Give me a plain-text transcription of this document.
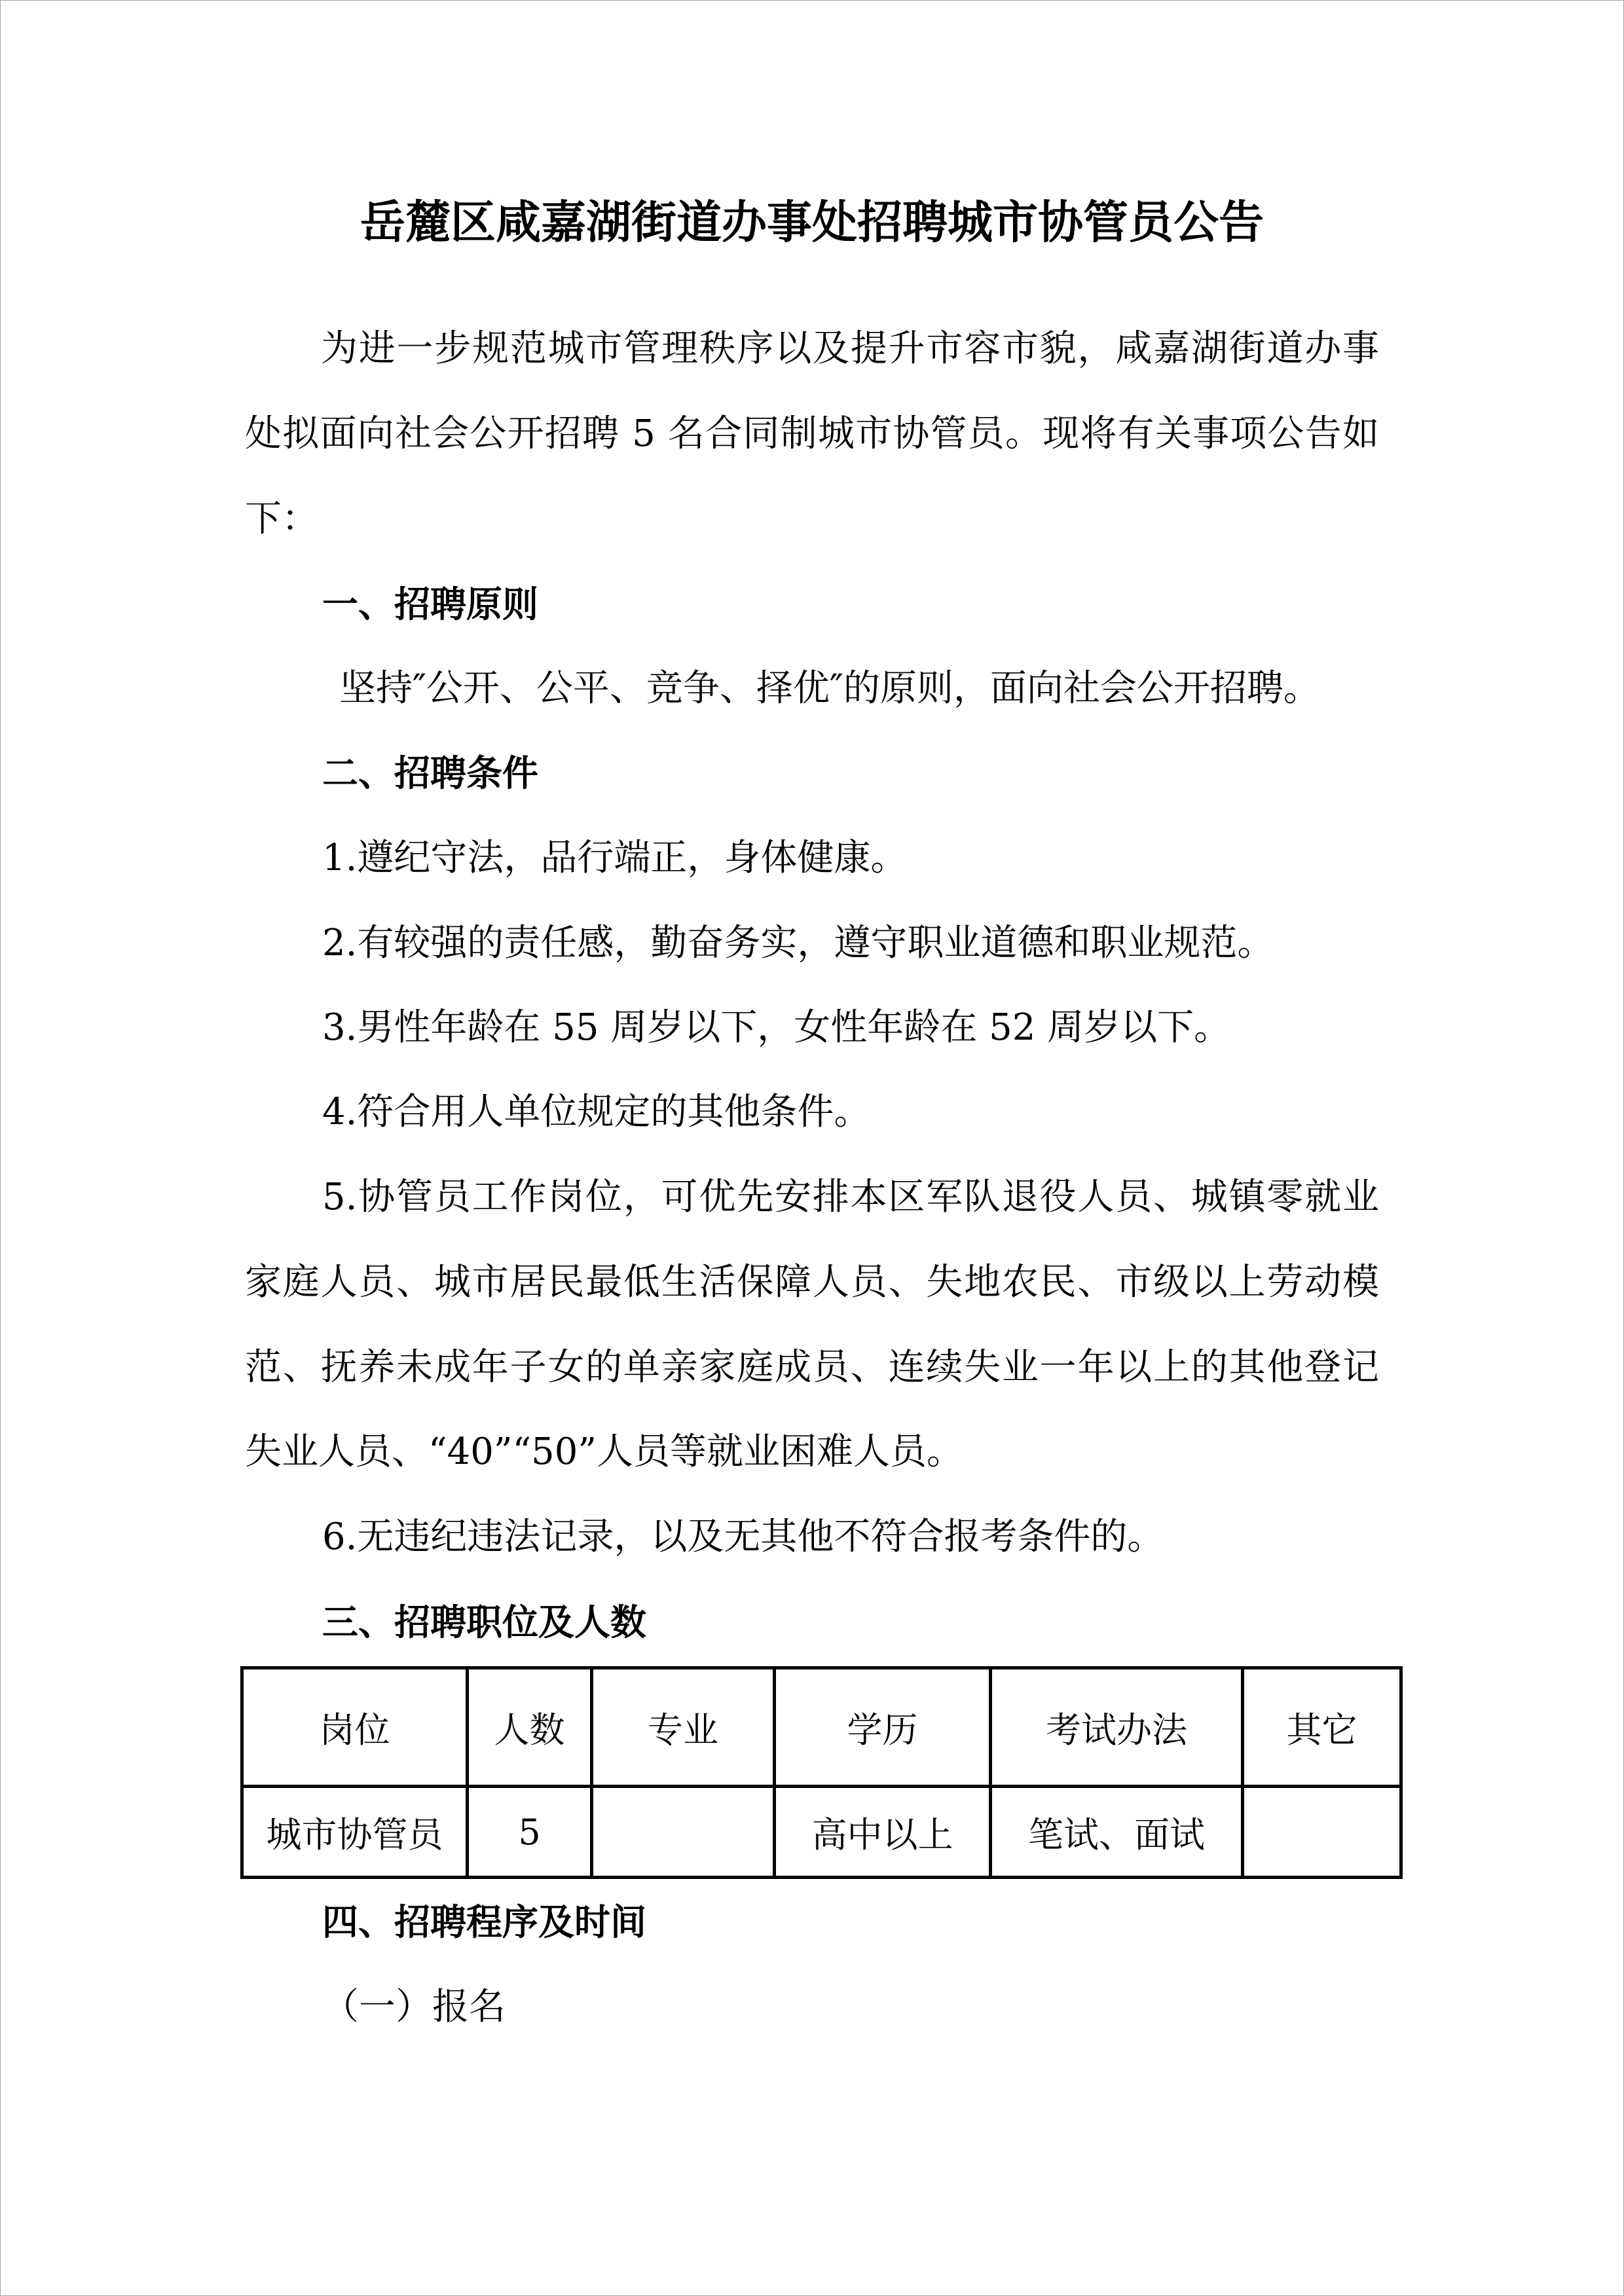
岳麓区咸嘉湖街道办事处招聘城市协管员公告
为进一步规范城市管理秩序以及提升市容市貌，咸嘉湖街道办事
处拟面向社会公开招聘 5 名合同制城市协管员。现将有关事项公告如
下：
一、招聘原则
坚持″公开、公平、竞争、择优″的原则，面向社会公开招聘。
二、招聘条件
1.遵纪守法，品行端正，身体健康。
2.有较强的责任感，勤奋务实，遵守职业道德和职业规范。
3.男性年龄在 55 周岁以下，女性年龄在 52 周岁以下。
4.符合用人单位规定的其他条件。
5.协管员工作岗位，可优先安排本区军队退役人员、城镇零就业
家庭人员、城市居民最低生活保障人员、失地农民、市级以上劳动模
范、抚养未成年子女的单亲家庭成员、连续失业一年以上的其他登记
失业人员、“40”“50”人员等就业困难人员。
6.无违纪违法记录，以及无其他不符合报考条件的。
三、招聘职位及人数
岗位	人数	专业	学历	考试办法	其它
城市协管员	5		高中以上	笔试、面试	
四、招聘程序及时间
（一）报名
